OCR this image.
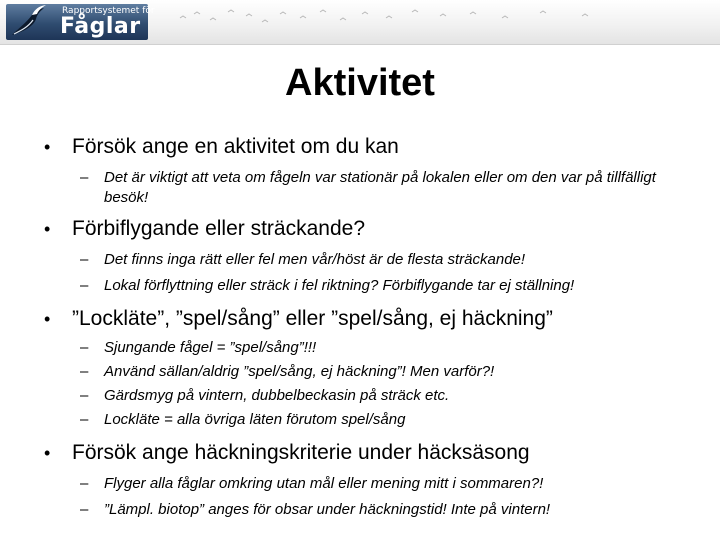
Rapportsystemet för
Fåglar
Aktivitet
• Försök ange en aktivitet om du kan
– Det är viktigt att veta om fågeln var stationär på lokalen eller om den var på tillfälligt besök!
• Förbiflygande eller sträckande?
– Det finns inga rätt eller fel men vår/höst är de flesta sträckande!
– Lokal förflyttning eller sträck i fel riktning? Förbiflygande tar ej ställning!
• ”Lockläte”, ”spel/sång” eller ”spel/sång, ej häckning”
– Sjungande fågel = ”spel/sång”!!!
– Använd sällan/aldrig ”spel/sång, ej häckning”! Men varför?!
– Gärdsmyg på vintern, dubbelbeckasin på sträck etc.
– Lockläte = alla övriga läten förutom spel/sång
• Försök ange häckningskriterie under häcksäsong
– Flyger alla fåglar omkring utan mål eller mening mitt i sommaren?!
– ”Lämpl. biotop” anges för obsar under häckningstid! Inte på vintern!
